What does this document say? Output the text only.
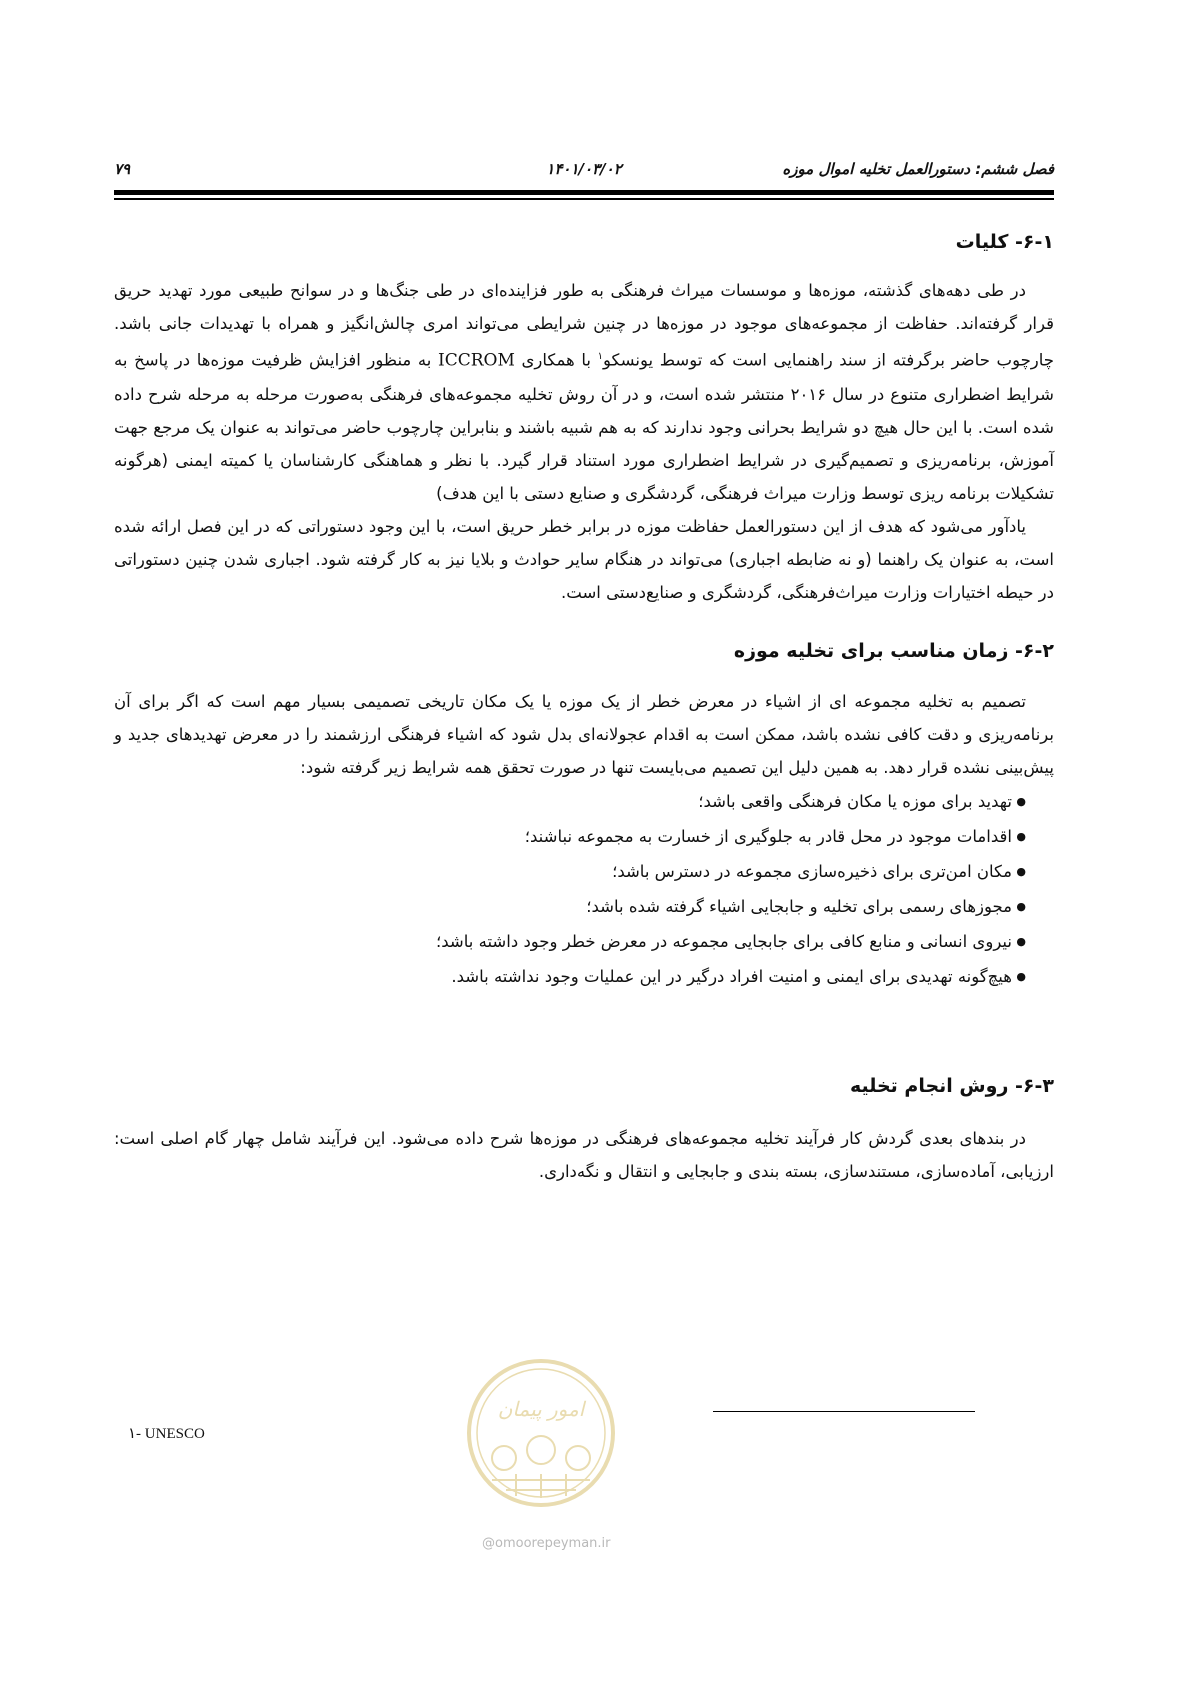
فصل ششم: دستورالعمل تخلیه اموال موزه
۱۴۰۱/۰۳/۰۲
۷۹
۶-۱- کلیات

در طی دهه‌های گذشته، موزه‌ها و موسسات میراث فرهنگی به طور فزاینده‌ای در طی جنگ‌ها و در سوانح طبیعی مورد تهدید حریق قرار گرفته‌اند. حفاظت از مجموعه‌های موجود در موزه‌ها در چنین شرایطی می‌تواند امری چالش‌انگیز و همراه با تهدیدات جانی باشد. چارچوب حاضر برگرفته از سند راهنمایی است که توسط یونسکو$^۱$ با همکاری ICCROM به منظور افزایش ظرفیت موزه‌ها در پاسخ به شرایط اضطراری متنوع در سال ۲۰۱۶ منتشر شده است، و در آن روش تخلیه مجموعه‌های فرهنگی به‌صورت مرحله به مرحله شرح داده شده است. با این حال هیچ دو شرایط بحرانی وجود ندارند که به هم شبیه باشند و بنابراین چارچوب حاضر می‌تواند به عنوان یک مرجع جهت آموزش، برنامه‌ریزی و تصمیم‌گیری در شرایط اضطراری مورد استناد قرار گیرد. با نظر و هماهنگی کارشناسان یا کمیته ایمنی (هرگونه تشکیلات برنامه ریزی توسط وزارت میراث فرهنگی، گردشگری و صنایع دستی با این هدف)

یادآور می‌شود که هدف از این دستورالعمل حفاظت موزه در برابر خطر حریق است، با این وجود دستوراتی که در این فصل ارائه شده است، به عنوان یک راهنما (و نه ضابطه اجباری) می‌تواند در هنگام سایر حوادث و بلایا نیز به کار گرفته شود. اجباری شدن چنین دستوراتی در حیطه اختیارات وزارت میراث‌فرهنگی، گردشگری و صنایع‌دستی است.

۶-۲- زمان مناسب برای تخلیه موزه

تصمیم به تخلیه مجموعه ای از اشیاء در معرض خطر از یک موزه یا یک مکان تاریخی تصمیمی بسیار مهم است که اگر برای آن برنامه‌ریزی و دقت کافی نشده باشد، ممکن است به اقدام عجولانه‌ای بدل شود که اشیاء فرهنگی ارزشمند را در معرض تهدیدهای جدید و پیش‌بینی نشده قرار دهد. به همین دلیل این تصمیم می‌بایست تنها در صورت تحقق همه شرایط زیر گرفته شود:

● تهدید برای موزه یا مکان فرهنگی واقعی باشد؛
● اقدامات موجود در محل قادر به جلوگیری از خسارت به مجموعه نباشند؛
● مکان امن‌تری برای ذخیره‌سازی مجموعه در دسترس باشد؛
● مجوزهای رسمی برای تخلیه و جابجایی اشیاء گرفته شده باشد؛
● نیروی انسانی و منابع کافی برای جابجایی مجموعه در معرض خطر وجود داشته باشد؛
● هیچ‌گونه تهدیدی برای ایمنی و امنیت افراد درگیر در این عملیات وجود نداشته باشد.
۶-۳- روش انجام تخلیه

در بندهای بعدی گردش کار فرآیند تخلیه مجموعه‌های فرهنگی در موزه‌ها شرح داده می‌شود. این فرآیند شامل چهار گام اصلی است: ارزیابی، آماده‌سازی، مستندسازی، بسته بندی و جابجایی و انتقال و نگه‌داری.

۱- UNESCO
امور پیمان
@omoorepeyman.ir
